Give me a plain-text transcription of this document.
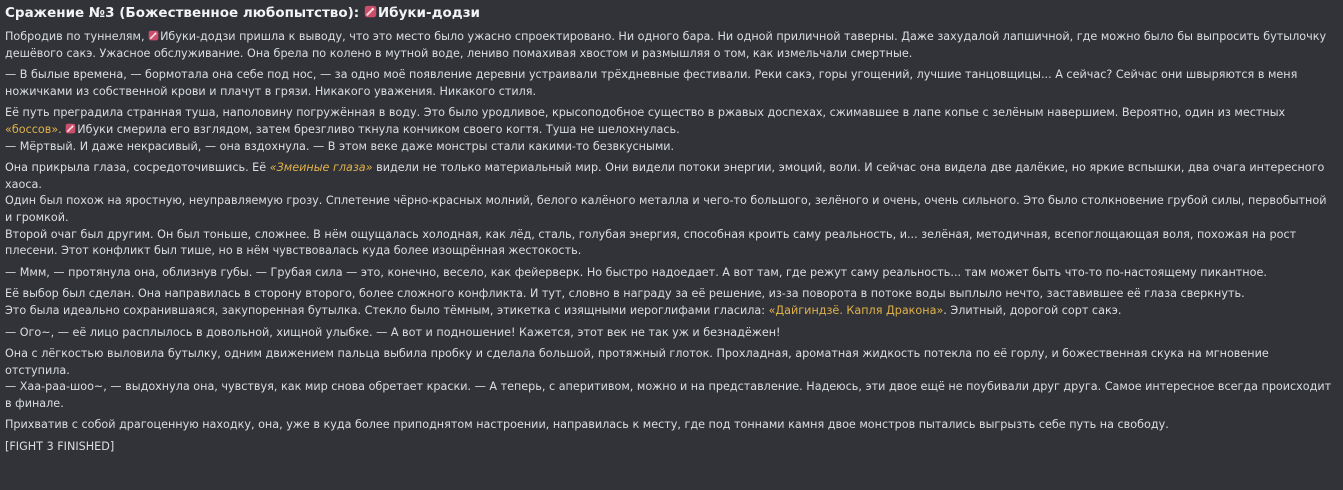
Сражение №3 (Божественное любопытство): Ибуки-додзи
Побродив по туннелям, Ибуки-додзи пришла к выводу, что это место было ужасно спроектировано. Ни одного бара. Ни одной приличной таверны. Даже захудалой лапшичной, где можно было бы выпросить бутылочку дешёвого сакэ. Ужасное обслуживание. Она брела по колено в мутной воде, лениво помахивая хвостом и размышляя о том, как измельчали смертные.
— В былые времена, — бормотала она себе под нос, — за одно моё появление деревни устраивали трёхдневные фестивали. Реки сакэ, горы угощений, лучшие танцовщицы... А сейчас? Сейчас они швыряются в меня ножичками из собственной крови и плачут в грязи. Никакого уважения. Никакого стиля.
Её путь преградила странная туша, наполовину погружённая в воду. Это было уродливое, крысоподобное существо в ржавых доспехах, сжимавшее в лапе копье с зелёным навершием. Вероятно, один из местных «боссов». Ибуки смерила его взглядом, затем брезгливо ткнула кончиком своего когтя. Туша не шелохнулась.
— Мёртвый. И даже некрасивый, — она вздохнула. — В этом веке даже монстры стали какими-то безвкусными.
Она прикрыла глаза, сосредоточившись. Её «Змеиные глаза» видели не только материальный мир. Они видели потоки энергии, эмоций, воли. И сейчас она видела две далёкие, но яркие вспышки, два очага интересного хаоса.
Один был похож на яростную, неуправляемую грозу. Сплетение чёрно-красных молний, белого калёного металла и чего-то большого, зелёного и очень, очень сильного. Это было столкновение грубой силы, первобытной и громкой.
Второй очаг был другим. Он был тоньше, сложнее. В нём ощущалась холодная, как лёд, сталь, голубая энергия, способная кроить саму реальность, и... зелёная, методичная, всепоглощающая воля, похожая на рост плесени. Этот конфликт был тише, но в нём чувствовалась куда более изощрённая жестокость.
— Ммм, — протянула она, облизнув губы. — Грубая сила — это, конечно, весело, как фейерверк. Но быстро надоедает. А вот там, где режут саму реальность... там может быть что-то по-настоящему пикантное.
Её выбор был сделан. Она направилась в сторону второго, более сложного конфликта. И тут, словно в награду за её решение, из-за поворота в потоке воды выплыло нечто, заставившее её глаза сверкнуть.
Это была идеально сохранившаяся, закупоренная бутылка. Стекло было тёмным, этикетка с изящными иероглифами гласила: «Дайгиндзё. Капля Дракона». Элитный, дорогой сорт сакэ.
— Ого~, — её лицо расплылось в довольной, хищной улыбке. — А вот и подношение! Кажется, этот век не так уж и безнадёжен!
Она с лёгкостью выловила бутылку, одним движением пальца выбила пробку и сделала большой, протяжный глоток. Прохладная, ароматная жидкость потекла по её горлу, и божественная скука на мгновение отступила.
— Хаа-раа-шоо~, — выдохнула она, чувствуя, как мир снова обретает краски. — А теперь, с аперитивом, можно и на представление. Надеюсь, эти двое ещё не поубивали друг друга. Самое интересное всегда происходит в финале.
Прихватив с собой драгоценную находку, она, уже в куда более приподнятом настроении, направилась к месту, где под тоннами камня двое монстров пытались выгрызть себе путь на свободу.
[FIGHT 3 FINISHED]
